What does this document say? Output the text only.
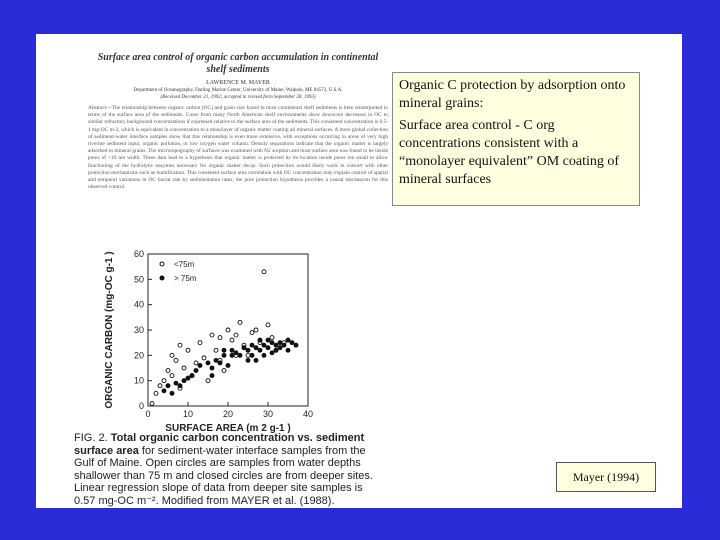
Surface area control of organic carbon accumulation in continental shelf sediments
LAWRENCE M. MAYER
Department of Oceanography, Darling Marine Center, University of Maine, Walpole, ME 04573, U.S.A.
(Received December 21, 1992; accepted in revised form September 28, 1993)
Abstract—The relationship between organic carbon (OC) and grain size found in most continental shelf sediments is here reinterpreted in terms of the surface area of the sediments. Cores from many North American shelf environments show downcore decreases in OC to similar refractory background concentrations if expressed relative to the surface area of the sediments. This consistent concentration is 0.5-1 mg-OC m-2, which is equivalent in concentration to a monolayer of organic matter coating all mineral surfaces. A more global collection of sediment-water interface samples show that this relationship is even more extensive, with exceptions occurring in areas of very high riverine sediment input, organic pollution, or low oxygen water column. Density separations indicate that the organic matter is largely adsorbed to mineral grains. The microtopography of surfaces was examined with N2 sorption and most surface area was found to be inside pores of <10 nm width. These data lead to a hypothesis that organic matter is protected by its location inside pores too small to allow functioning of the hydrolytic enzymes necessary for organic matter decay. Such protection would likely work in concert with other protection mechanisms such as humification. This consistent surface area correlation with OC concentration may explain control of spatial and temporal variations in OC burial rate by sedimentation rates; the pore protection hypothesis provides a causal mechanism for this observed control.
0
10
20
30
40
50
60
0	10	20	30	40
SURFACE AREA (m 2 g-1 )
ORGANIC CARBON (mg-OC g-1 )	<75m
> 75m
FIG. 2. Total organic carbon concentration vs. sediment surface area for sediment-water interface samples from the Gulf of Maine. Open circles are samples from water depths shallower than 75 m and closed circles are from deeper sites. Linear regression slope of data from deeper site samples is 0.57 mg-OC m⁻². Modified from MAYER et al. (1988).

Organic C protection by adsorption onto mineral grains:

Surface area control - C org concentrations consistent with a “monolayer equivalent” OM coating of mineral surfaces

Mayer (1994)
